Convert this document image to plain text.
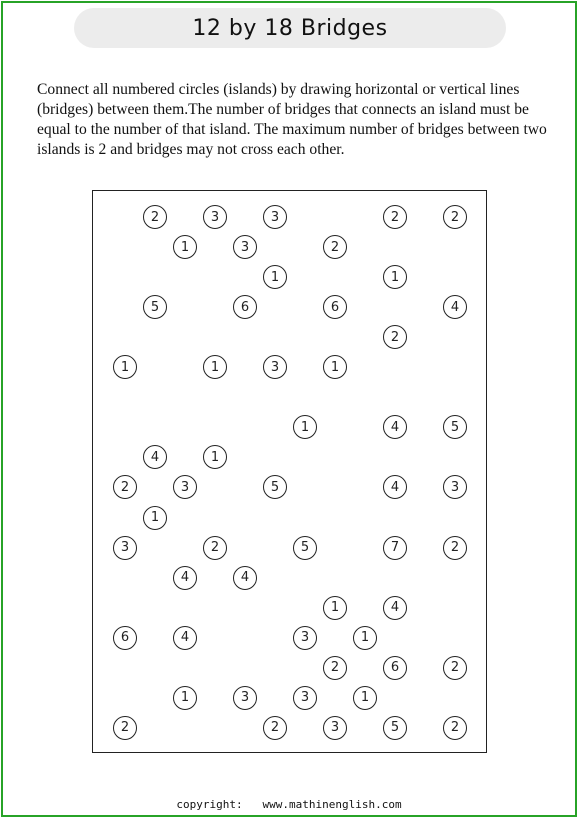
12 by 18 Bridges

Connect all numbered circles (islands) by drawing horizontal or vertical lines (bridges) between them.The number of bridges that connects an island must be equal to the number of that island. The maximum number of bridges between two islands is 2 and bridges may not cross each other.

2	3	3	2	2
1	3	2
1	1
5	6	6	4
2
1	1	3	1
1	4	5
4	1
2	3	5	4	3
1
3	2	5	7	2
4	4
1	4
6	4	3	1
2	6	2
1	3	3	1
2	2	3	5	2
copyright: www.mathinenglish.com
